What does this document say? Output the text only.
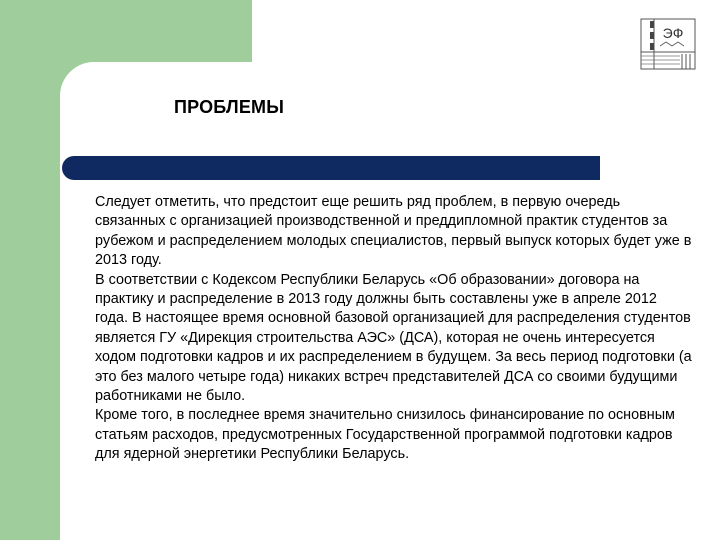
ЭФ
ПРОБЛЕМЫ

Следует отметить, что предстоит еще решить ряд проблем, в первую очередь связанных с организацией производственной и преддипломной практик студентов за рубежом и распределением молодых специалистов, первый выпуск которых будет уже в 2013 году.

В соответствии с Кодексом Республики Беларусь «Об образовании» договора на практику и распределение в 2013 году должны быть составлены уже в апреле 2012 года. В настоящее время основной базовой организацией для распределения студентов является ГУ «Дирекция строительства АЭС» (ДСА), которая не очень интересуется ходом подготовки кадров и их распределением в будущем. За весь период подготовки (а это без малого четыре года) никаких встреч представителей ДСА со своими будущими работниками не было.

Кроме того, в последнее время значительно снизилось финансирование по основным статьям расходов, предусмотренных Государственной программой подготовки кадров для ядерной энергетики Республики Беларусь.
